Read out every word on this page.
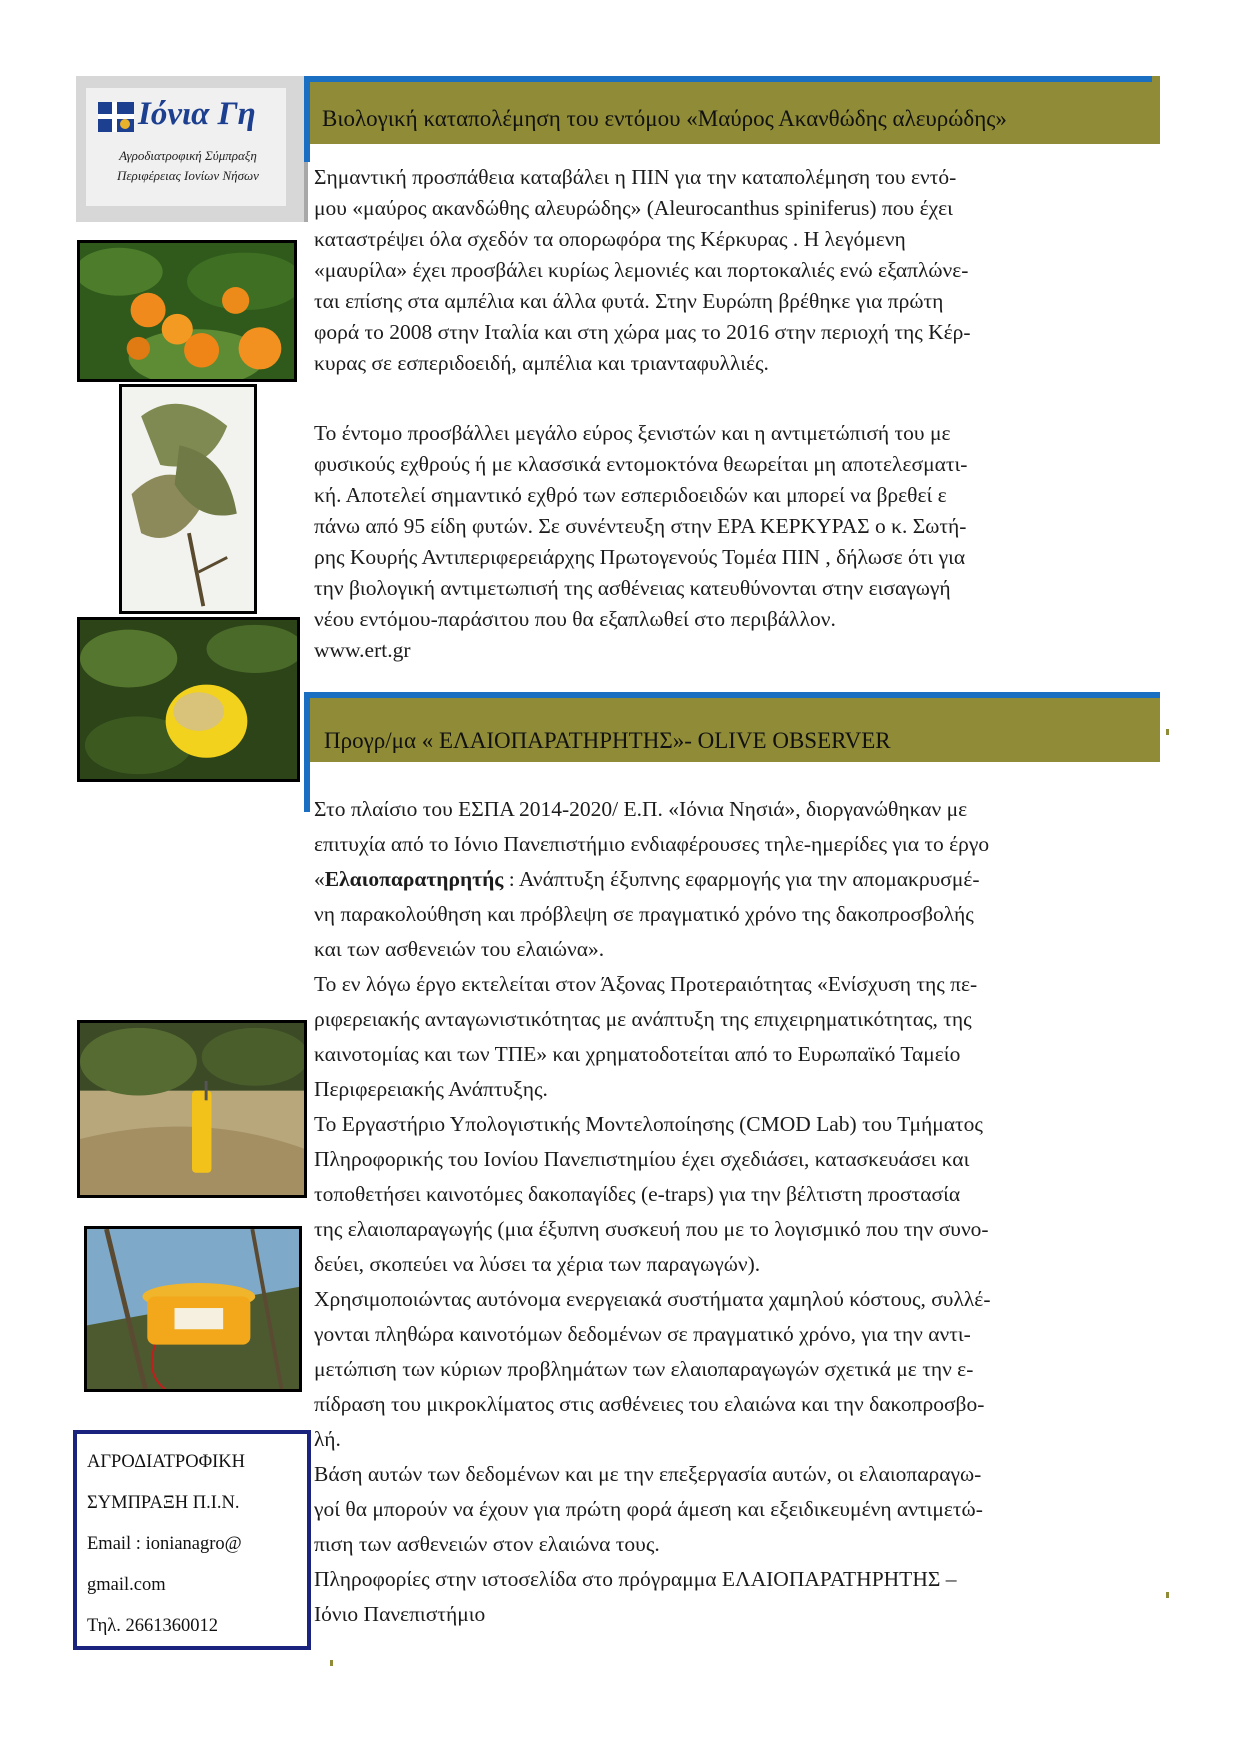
Ιόνια Γη
Αγροδιατροφική Σύμπραξη
Περιφέρειας Ιονίων Νήσων
Βιολογική καταπολέμηση του εντόμου «Μαύρος Ακανθώδης αλευρώδης»
Σημαντική προσπάθεια καταβάλει η ΠΙΝ για την καταπολέμηση του εντό-
μου «μαύρος ακανδώθης αλευρώδης» (Aleurocanthus spiniferus) που έχει
καταστρέψει όλα σχεδόν τα οπορωφόρα της Κέρκυρας . Η λεγόμενη
«μαυρίλα» έχει προσβάλει κυρίως λεμονιές και πορτοκαλιές ενώ εξαπλώνε-
ται επίσης στα αμπέλια και άλλα φυτά. Στην Ευρώπη βρέθηκε για πρώτη
φορά το 2008 στην Ιταλία και στη χώρα μας το 2016 στην περιοχή της Κέρ-
κυρας σε εσπεριδοειδή, αμπέλια και τριανταφυλλιές.
Το έντομο προσβάλλει μεγάλο εύρος ξενιστών και η αντιμετώπισή του με
φυσικούς εχθρούς ή με κλασσικά εντομοκτόνα θεωρείται μη αποτελεσματι-
κή. Αποτελεί σημαντικό εχθρό των εσπεριδοειδών και μπορεί να βρεθεί ε
πάνω από 95 είδη φυτών. Σε συνέντευξη στην ΕΡΑ ΚΕΡΚΥΡΑΣ ο κ. Σωτή-
ρης Κουρής Αντιπεριφερειάρχης Πρωτογενούς Τομέα ΠΙΝ , δήλωσε ότι για
την βιολογική αντιμετωπισή της ασθένειας κατευθύνονται στην εισαγωγή
νέου εντόμου-παράσιτου που θα εξαπλωθεί στο περιβάλλον.
www.ert.gr
Προγρ/μα « ΕΛΑΙΟΠΑΡΑΤΗΡΗΤΗΣ»- OLIVE OBSERVER
Στο πλαίσιο του ΕΣΠΑ 2014-2020/ Ε.Π. «Ιόνια Νησιά», διοργανώθηκαν με
επιτυχία από το Ιόνιο Πανεπιστήμιο ενδιαφέρουσες τηλε-ημερίδες για το έργο
«Ελαιοπαρατηρητής : Ανάπτυξη έξυπνης εφαρμογής για την απομακρυσμέ-
νη παρακολούθηση και πρόβλεψη σε πραγματικό χρόνο της δακοπροσβολής
και των ασθενειών του ελαιώνα».
Το εν λόγω έργο εκτελείται στον Άξονας Προτεραιότητας «Ενίσχυση της πε-
ριφερειακής ανταγωνιστικότητας με ανάπτυξη της επιχειρηματικότητας, της
καινοτομίας και των ΤΠΕ» και χρηματοδοτείται από το Ευρωπαϊκό Ταμείο
Περιφερειακής Ανάπτυξης.
Το Εργαστήριο Υπολογιστικής Μοντελοποίησης (CMOD Lab) του Τμήματος
Πληροφορικής του Ιονίου Πανεπιστημίου έχει σχεδιάσει, κατασκευάσει και
τοποθετήσει καινοτόμες δακοπαγίδες (e-traps) για την βέλτιστη προστασία
της ελαιοπαραγωγής (μια έξυπνη συσκευή που με το λογισμικό που την συνο-
δεύει, σκοπεύει να λύσει τα χέρια των παραγωγών).
Χρησιμοποιώντας αυτόνομα ενεργειακά συστήματα χαμηλού κόστους, συλλέ-
γονται πληθώρα καινοτόμων δεδομένων σε πραγματικό χρόνο, για την αντι-
μετώπιση των κύριων προβλημάτων των ελαιοπαραγωγών σχετικά με την ε-
πίδραση του μικροκλίματος στις ασθένειες του ελαιώνα και την δακοπροσβο-
λή.
Βάση αυτών των δεδομένων και με την επεξεργασία αυτών, οι ελαιοπαραγω-
γοί θα μπορούν να έχουν για πρώτη φορά άμεση και εξειδικευμένη αντιμετώ-
πιση των ασθενειών στον ελαιώνα τους.
Πληροφορίες στην ιστοσελίδα στο πρόγραμμα ΕΛΑΙΟΠΑΡΑΤΗΡΗΤΗΣ –
Ιόνιο Πανεπιστήμιο
ΑΓΡΟΔΙΑΤΡΟΦΙΚΗ
ΣΥΜΠΡΑΞΗ Π.Ι.Ν.
Email : ionianagro@
gmail.com
Τηλ. 2661360012
